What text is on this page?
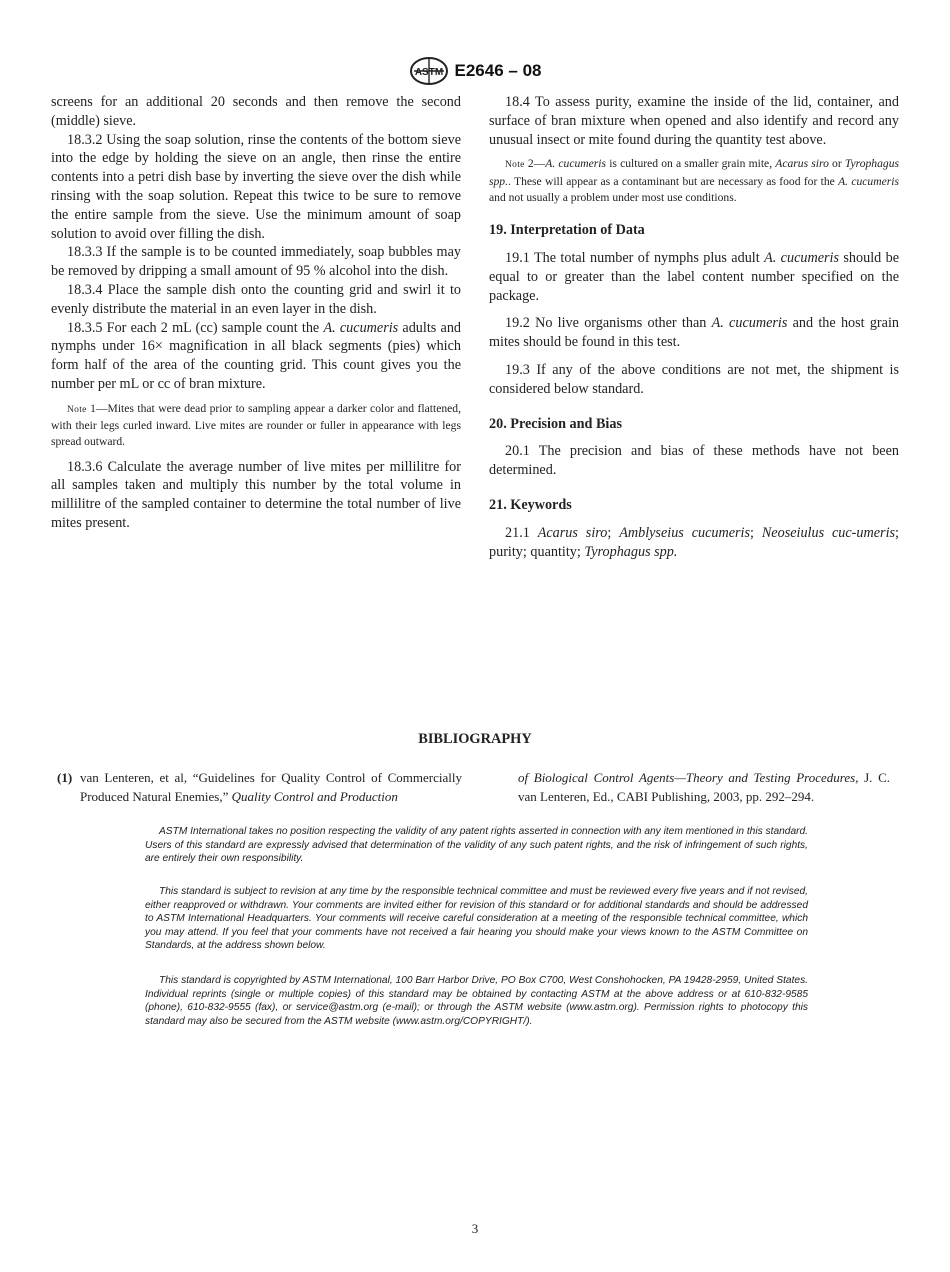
ASTM E2646 – 08

screens for an additional 20 seconds and then remove the second (middle) sieve.

18.3.2 Using the soap solution, rinse the contents of the bottom sieve into the edge by holding the sieve on an angle, then rinse the entire contents into a petri dish base by inverting the sieve over the dish while rinsing with the soap solution. Repeat this twice to be sure to remove the entire sample from the sieve. Use the minimum amount of soap solution to avoid over filling the dish.

18.3.3 If the sample is to be counted immediately, soap bubbles may be removed by dripping a small amount of 95 % alcohol into the dish.

18.3.4 Place the sample dish onto the counting grid and swirl it to evenly distribute the material in an even layer in the dish.

18.3.5 For each 2 mL (cc) sample count the A. cucumeris adults and nymphs under 16× magnification in all black segments (pies) which form half of the area of the counting grid. This count gives you the number per mL or cc of bran mixture.

Note 1—Mites that were dead prior to sampling appear a darker color and flattened, with their legs curled inward. Live mites are rounder or fuller in appearance with legs spread outward.

18.3.6 Calculate the average number of live mites per millilitre for all samples taken and multiply this number by the total volume in millilitre of the sampled container to determine the total number of live mites present.

18.4 To assess purity, examine the inside of the lid, container, and surface of bran mixture when opened and also identify and record any unusual insect or mite found during the quantity test above.

Note 2—A. cucumeris is cultured on a smaller grain mite, Acarus siro or Tyrophagus spp.. These will appear as a contaminant but are necessary as food for the A. cucumeris and not usually a problem under most use conditions.

19. Interpretation of Data

19.1 The total number of nymphs plus adult A. cucumeris should be equal to or greater than the label content number specified on the package.

19.2 No live organisms other than A. cucumeris and the host grain mites should be found in this test.

19.3 If any of the above conditions are not met, the shipment is considered below standard.

20. Precision and Bias

20.1 The precision and bias of these methods have not been determined.

21. Keywords

21.1 Acarus siro; Amblyseius cucumeris; Neoseiulus cuc-umeris; purity; quantity; Tyrophagus spp.

BIBLIOGRAPHY
(1) van Lenteren, et al, “Guidelines for Quality Control of Commercially Produced Natural Enemies,” Quality Control and Production
of Biological Control Agents—Theory and Testing Procedures, J. C. van Lenteren, Ed., CABI Publishing, 2003, pp. 292–294.

ASTM International takes no position respecting the validity of any patent rights asserted in connection with any item mentioned in this standard. Users of this standard are expressly advised that determination of the validity of any such patent rights, and the risk of infringement of such rights, are entirely their own responsibility.

This standard is subject to revision at any time by the responsible technical committee and must be reviewed every five years and if not revised, either reapproved or withdrawn. Your comments are invited either for revision of this standard or for additional standards and should be addressed to ASTM International Headquarters. Your comments will receive careful consideration at a meeting of the responsible technical committee, which you may attend. If you feel that your comments have not received a fair hearing you should make your views known to the ASTM Committee on Standards, at the address shown below.

This standard is copyrighted by ASTM International, 100 Barr Harbor Drive, PO Box C700, West Conshohocken, PA 19428-2959, United States. Individual reprints (single or multiple copies) of this standard may be obtained by contacting ASTM at the above address or at 610-832-9585 (phone), 610-832-9555 (fax), or service@astm.org (e-mail); or through the ASTM website (www.astm.org). Permission rights to photocopy this standard may also be secured from the ASTM website (www.astm.org/COPYRIGHT/).

3
